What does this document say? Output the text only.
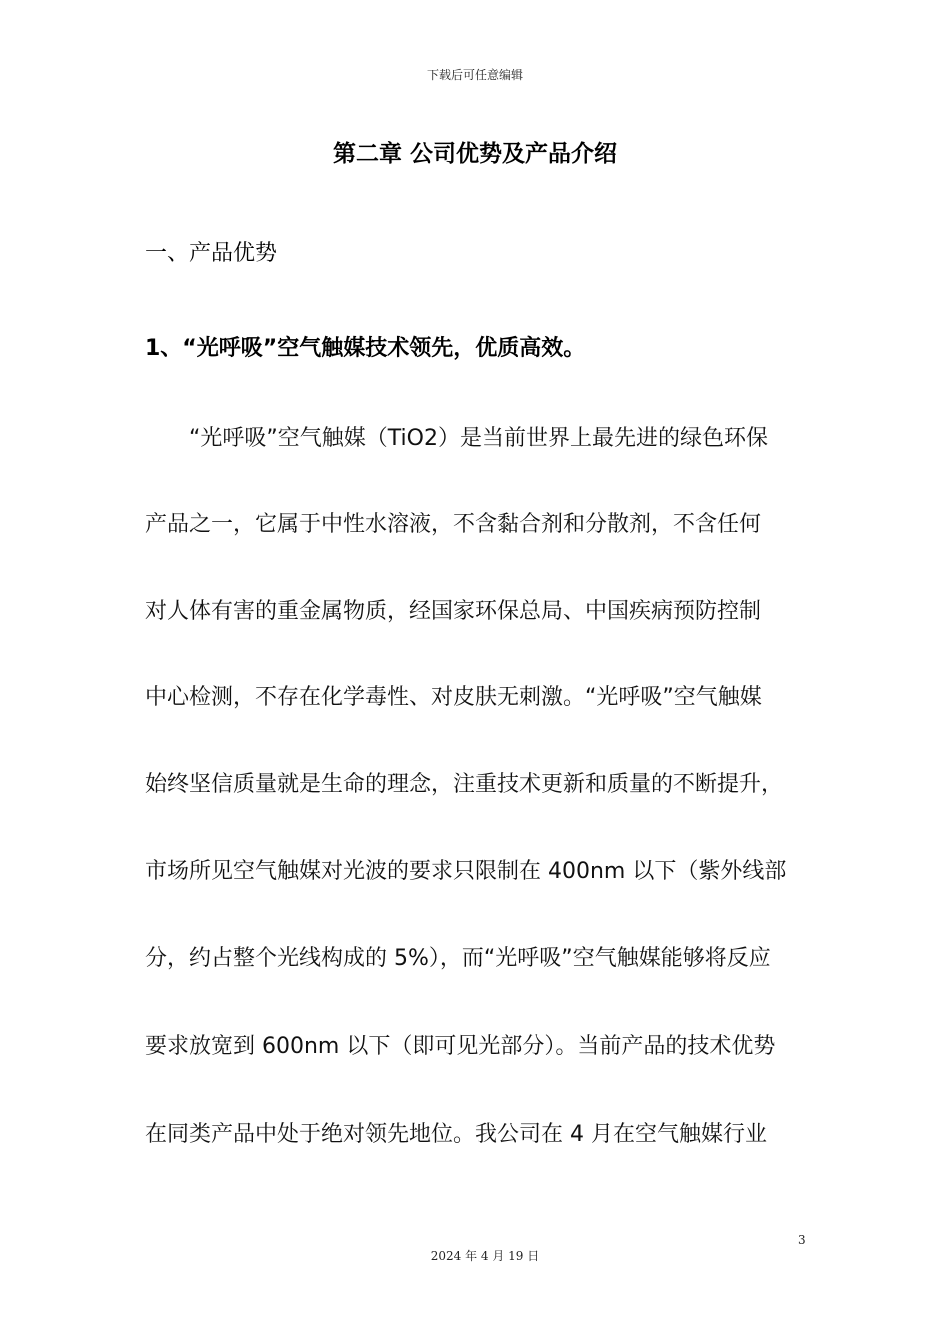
下载后可任意编辑
第二章 公司优势及产品介绍
一、产品优势
1、“光呼吸”空气触媒技术领先，优质高效。
“光呼吸”空气触媒（TiO2）是当前世界上最先进的绿色环保
产品之一，它属于中性水溶液，不含黏合剂和分散剂，不含任何
对人体有害的重金属物质，经国家环保总局、中国疾病预防控制
中心检测，不存在化学毒性、对皮肤无刺激。“光呼吸”空气触媒
始终坚信质量就是生命的理念，注重技术更新和质量的不断提升，
市场所见空气触媒对光波的要求只限制在 400nm 以下（紫外线部
分，约占整个光线构成的 5%），而“光呼吸”空气触媒能够将反应
要求放宽到 600nm 以下（即可见光部分）。当前产品的技术优势
在同类产品中处于绝对领先地位。我公司在 4 月在空气触媒行业
3
2024 年 4 月 19 日
